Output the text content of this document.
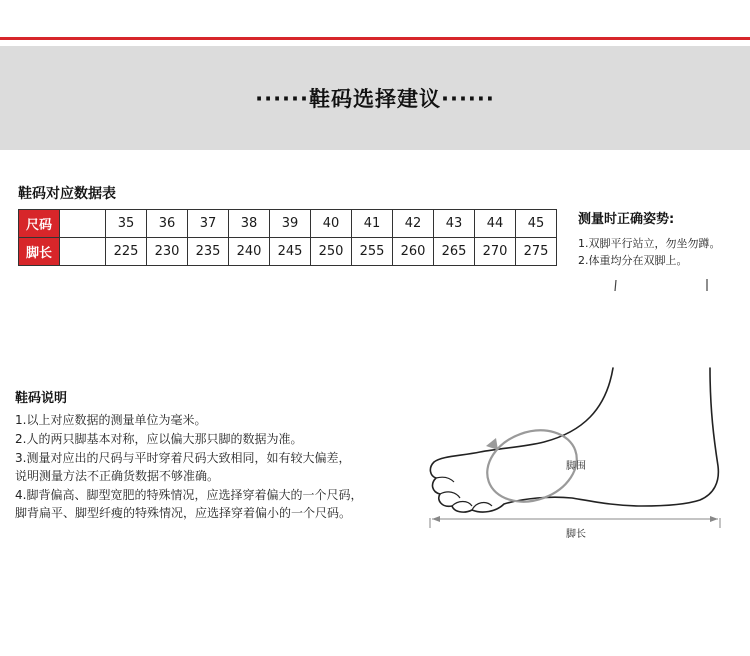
······鞋码选择建议······
鞋码对应数据表
尺码		35	36	37	38	39	40	41	42	43	44	45
脚长		225	230	235	240	245	250	255	260	265	270	275
测量时正确姿势:
1.双脚平行站立，勿坐勿蹲。
2.体重均分在双脚上。
鞋码说明
1.以上对应数据的测量单位为毫米。
2.人的两只脚基本对称，应以偏大那只脚的数据为准。
3.测量对应出的尺码与平时穿着尺码大致相同，如有较大偏差，
说明测量方法不正确货数据不够准确。
4.脚背偏高、脚型宽肥的特殊情况，应选择穿着偏大的一个尺码，
脚背扁平、脚型纤瘦的特殊情况，应选择穿着偏小的一个尺码。
脚围
脚长
